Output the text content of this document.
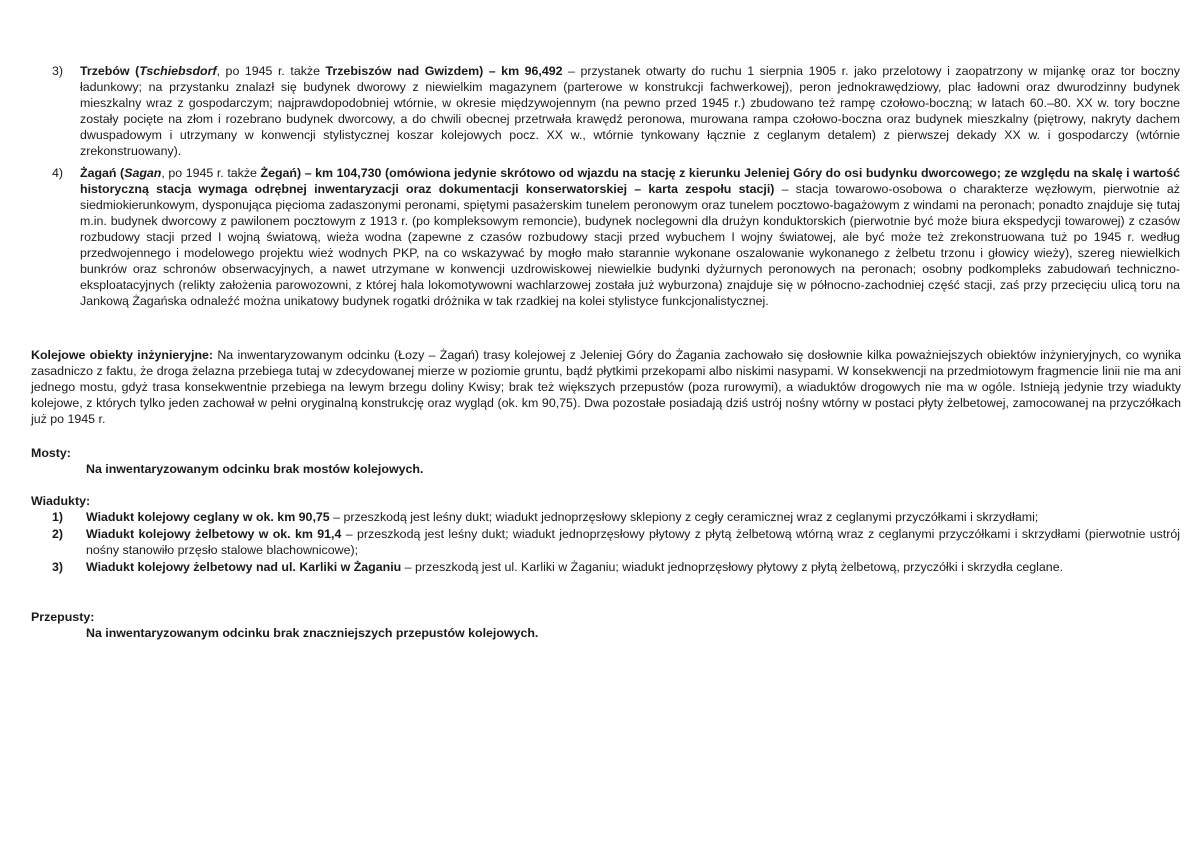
3) Trzebów (Tschiebsdorf, po 1945 r. także Trzebiszów nad Gwizdem) – km 96,492 – przystanek otwarty do ruchu 1 sierpnia 1905 r. jako przelotowy i zaopatrzony w mijankę oraz tor boczny ładunkowy; na przystanku znalazł się budynek dworowy z niewielkim magazynem (parterowe w konstrukcji fachwerkowej), peron jednokrawędziowy, plac ładowni oraz dwurodzinny budynek mieszkalny wraz z gospodarczym; najprawdopodobniej wtórnie, w okresie międzywojennym (na pewno przed 1945 r.) zbudowano też rampę czołowo-boczną; w latach 60.–80. XX w. tory boczne zostały pocięte na złom i rozebrano budynek dworcowy, a do chwili obecnej przetrwała krawędź peronowa, murowana rampa czołowo-boczna oraz budynek mieszkalny (piętrowy, nakryty dachem dwuspadowym i utrzymany w konwencji stylistycznej koszar kolejowych pocz. XX w., wtórnie tynkowany łącznie z ceglanym detalem) z pierwszej dekady XX w. i gospodarczy (wtórnie zrekonstruowany).
4) Żagań (Sagan, po 1945 r. także Żegań) – km 104,730 (omówiona jedynie skrótowo od wjazdu na stację z kierunku Jeleniej Góry do osi budynku dworcowego; ze względu na skalę i wartość historyczną stacja wymaga odrębnej inwentaryzacji oraz dokumentacji konserwatorskiej – karta zespołu stacji) – stacja towarowo-osobowa o charakterze węzłowym, pierwotnie aż siedmiokierunkowym, dysponująca pięciomа zadaszonymi peronami, spiętymi pasażerskim tunelem peronowym oraz tunelem pocztowo-bagażowym z windami na peronach; ponadto znajduje się tutaj m.in. budynek dworcowy z pawilonem pocztowym z 1913 r. (po kompleksowym remoncie), budynek noclegowni dla drużyn konduktorskich (pierwotnie być może biura ekspedycji towarowej) z czasów rozbudowy stacji przed I wojną światową, wieża wodna (zapewne z czasów rozbudowy stacji przed wybuchem I wojny światowej, ale być może też zrekonstruowana tuż po 1945 r. według przedwojennego i modelowego projektu wież wodnych PKP, na co wskazywać by mogło mało starannie wykonane oszalowanie wykonanego z żelbetu trzonu i głowicy wieży), szereg niewielkich bunkrów oraz schronów obserwacyjnych, a nawet utrzymane w konwencji uzdrowiskowej niewielkie budynki dyżurnych peronowych na peronach; osobny podkompleks zabudowań techniczno-eksploatacyjnych (relikty założenia parowozowni, z której hala lokomotywowni wachlarzowej została już wyburzona) znajduje się w północno-zachodniej część stacji, zaś przy przecięciu ulicą toru na Jankową Żagańska odnaleźć można unikatowy budynek rogatki dróżnika w tak rzadkiej na kolei stylistyce funkcjonalistycznej.
Kolejowe obiekty inżynieryjne: Na inwentaryzowanym odcinku (Łozy – Żagań) trasy kolejowej z Jeleniej Góry do Żagania zachowało się dosłownie kilka poważniejszych obiektów inżynieryjnych, co wynika zasadniczo z faktu, że droga żelazna przebiega tutaj w zdecydowanej mierze w poziomie gruntu, bądź płytkimi przekopami albo niskimi nasypami. W konsekwencji na przedmiotowym fragmencie linii nie ma ani jednego mostu, gdyż trasa konsekwentnie przebiega na lewym brzegu doliny Kwisy; brak też większych przepustów (poza rurowymi), a wiaduktów drogowych nie ma w ogóle. Istnieją jedynie trzy wiadukty kolejowe, z których tylko jeden zachował w pełni oryginalną konstrukcję oraz wygląd (ok. km 90,75). Dwa pozostałe posiadają dziś ustrój nośny wtórny w postaci płyty żelbetowej, zamocowanej na przyczółkach już po 1945 r.
Mosty:
Na inwentaryzowanym odcinku brak mostów kolejowych.
Wiadukty:
1) Wiadukt kolejowy ceglany w ok. km 90,75 – przeszkodą jest leśny dukt; wiadukt jednoprzęsłowy sklepiony z cegły ceramicznej wraz z ceglanymi przyczółkami i skrzydłami;
2) Wiadukt kolejowy żelbetowy w ok. km 91,4 – przeszkodą jest leśny dukt; wiadukt jednoprzęsłowy płytowy z płytą żelbetową wtórną wraz z ceglanymi przyczółkami i skrzydłami (pierwotnie ustrój nośny stanowiło przęsło stalowe blachownicowe);
3) Wiadukt kolejowy żelbetowy nad ul. Karliki w Żaganiu – przeszkodą jest ul. Karliki w Żaganiu; wiadukt jednoprzęsłowy płytowy z płytą żelbetową, przyczółki i skrzydła ceglane.
Przepusty:
Na inwentaryzowanym odcinku brak znaczniejszych przepustów kolejowych.
